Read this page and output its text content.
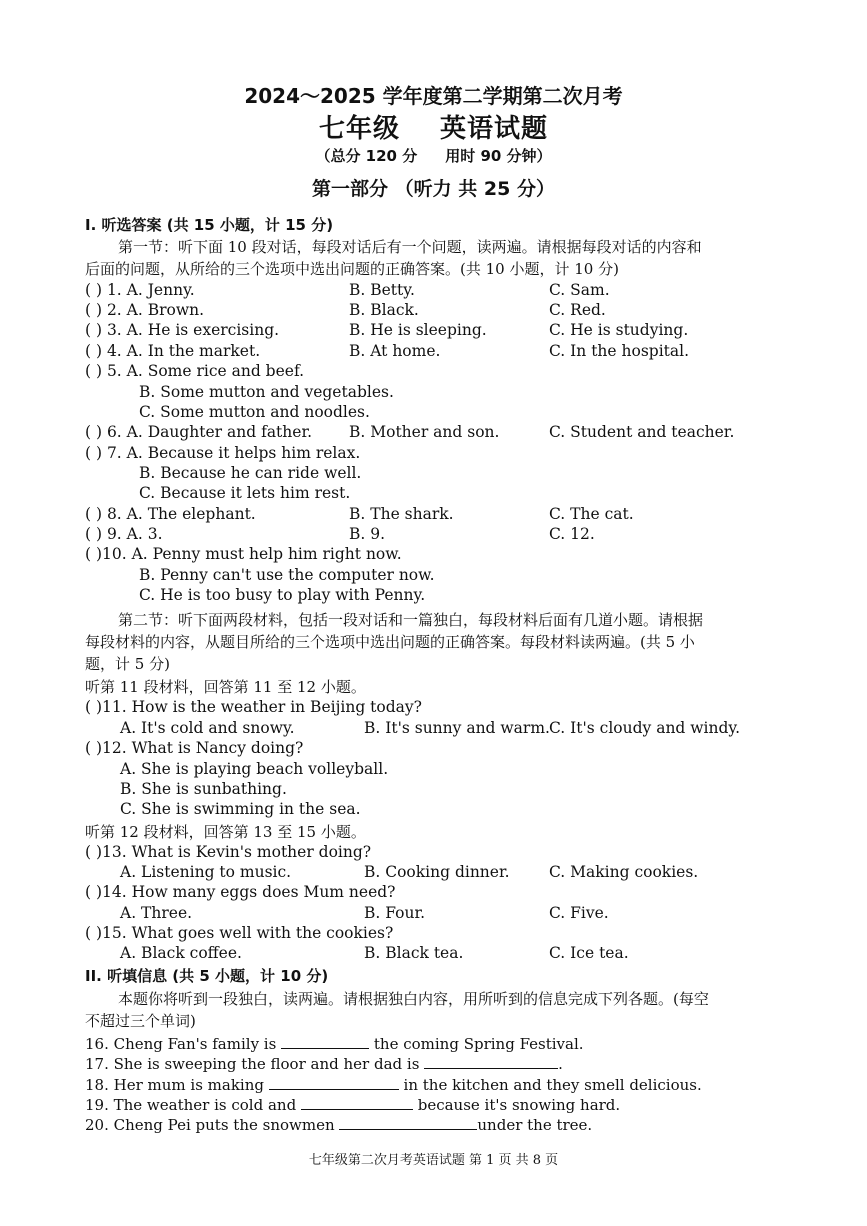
2024～2025 学年度第二学期第二次月考
七年级 英语试题
（总分 120 分 用时 90 分钟）
第一部分 （听力 共 25 分）
I. 听选答案 (共 15 小题，计 15 分)
第一节：听下面 10 段对话，每段对话后有一个问题，读两遍。请根据每段对话的内容和
后面的问题，从所给的三个选项中选出问题的正确答案。(共 10 小题，计 10 分)
( ) 1. A. Jenny.	B. Betty.	C. Sam.
( ) 2. A. Brown.	B. Black.	C. Red.
( ) 3. A. He is exercising.	B. He is sleeping.	C. He is studying.
( ) 4. A. In the market.	B. At home.	C. In the hospital.
( ) 5. A. Some rice and beef.
B. Some mutton and vegetables.
C. Some mutton and noodles.
( ) 6. A. Daughter and father. B. Mother and son.	C. Student and teacher.
( ) 7. A. Because it helps him relax.
B. Because he can ride well.
C. Because it lets him rest.
( ) 8. A. The elephant.	B. The shark.	C. The cat.
( ) 9. A. 3.	B. 9.	C. 12.
( )10. A. Penny must help him right now.
B. Penny can't use the computer now.
C. He is too busy to play with Penny.
第二节：听下面两段材料，包括一段对话和一篇独白，每段材料后面有几道小题。请根据
每段材料的内容，从题目所给的三个选项中选出问题的正确答案。每段材料读两遍。(共 5 小
题，计 5 分)
听第 11 段材料，回答第 11 至 12 小题。
( )11. How is the weather in Beijing today?
A. It's cold and snowy.	B. It's sunny and warm. C. It's cloudy and windy.
( )12. What is Nancy doing?
A. She is playing beach volleyball.
B. She is sunbathing.
C. She is swimming in the sea.
听第 12 段材料，回答第 13 至 15 小题。
( )13. What is Kevin's mother doing?
A. Listening to music.	B. Cooking dinner.	C. Making cookies.
( )14. How many eggs does Mum need?
A. Three.	B. Four.	C. Five.
( )15. What goes well with the cookies?
A. Black coffee.	B. Black tea.	C. Ice tea.
II. 听填信息 (共 5 小题，计 10 分)
本题你将听到一段独白，读两遍。请根据独白内容，用所听到的信息完成下列各题。(每空
不超过三个单词)
16. Cheng Fan's family is	the coming Spring Festival.
17. She is sweeping the floor and her dad is	.
18. Her mum is making	in the kitchen and they smell delicious.
19. The weather is cold and	because it's snowing hard.
20. Cheng Pei puts the snowmen	under the tree.
七年级第二次月考英语试题 第 1 页 共 8 页
